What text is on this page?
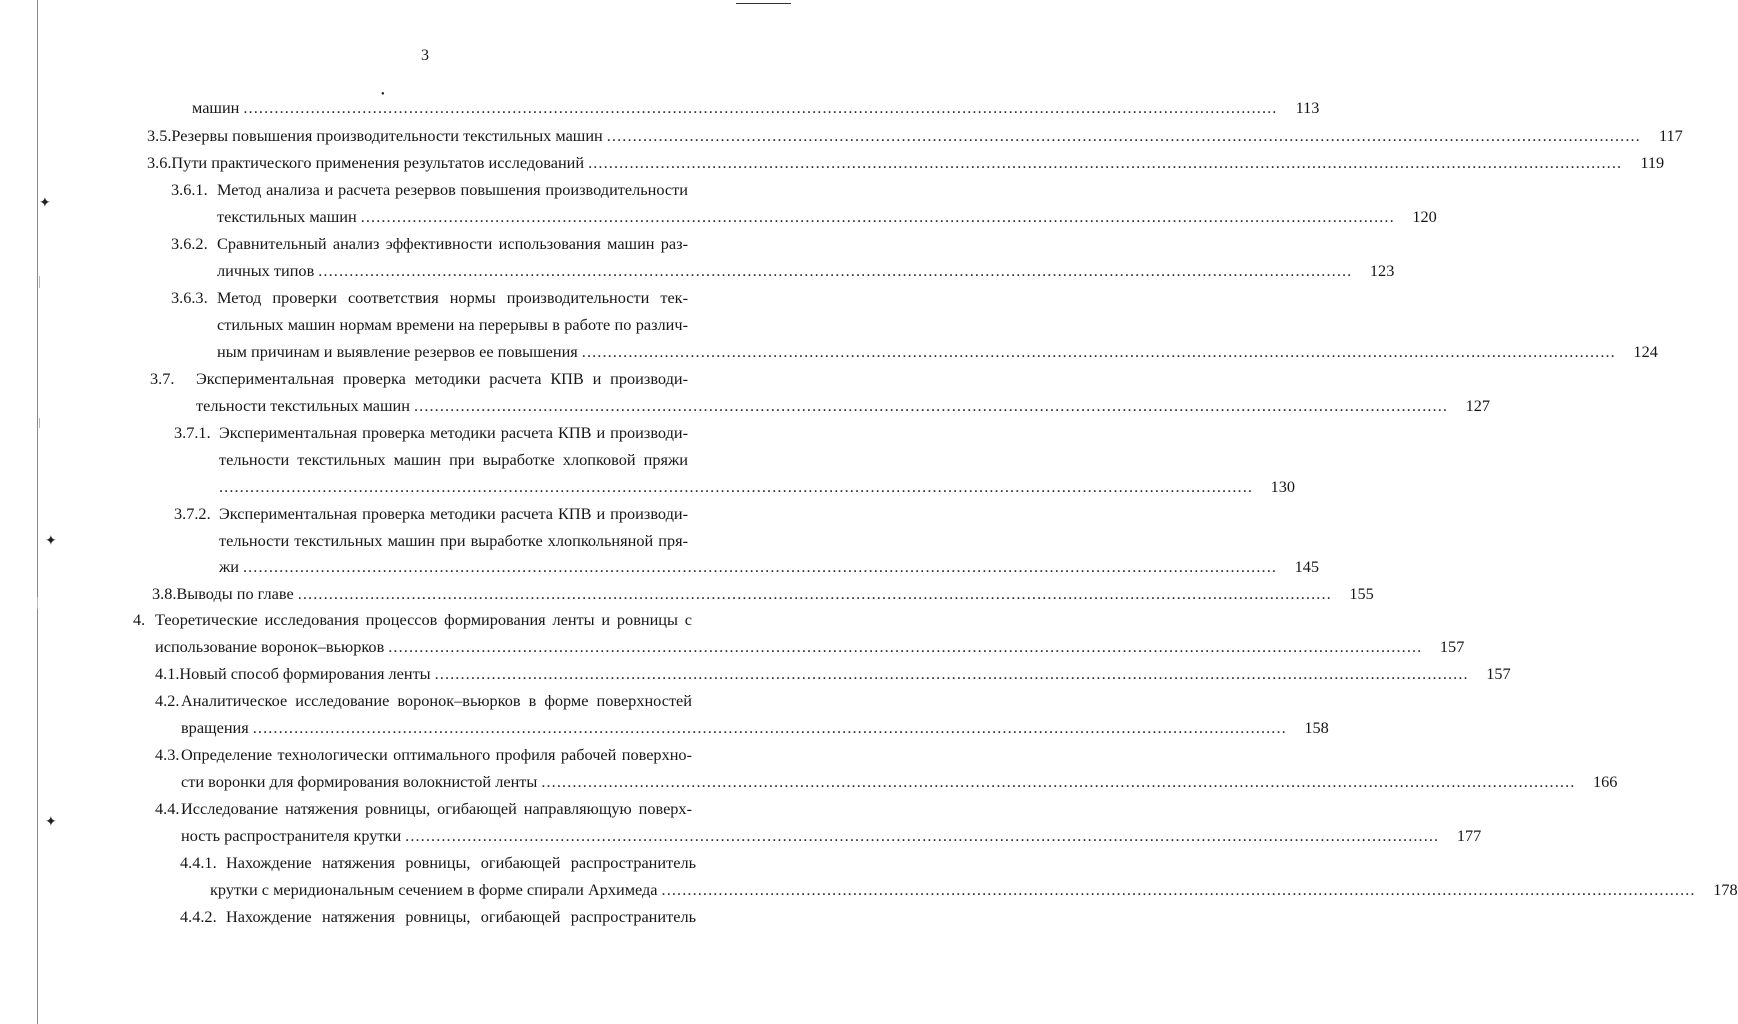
✦
✦
✦
●
3
машин ........................................................................................................................................................................................................	113
3.5. Резервы повышения производительности текстильных машин ........................................................................................................................................................................................................	117
3.6. Пути практического применения результатов исследований ........................................................................................................................................................................................................	119
3.6.1. Метод анализа и расчета резервов повышения производительности
текстильных машин ........................................................................................................................................................................................................	120
3.6.2. Сравнительный анализ эффективности использования машин раз-
личных типов ........................................................................................................................................................................................................	123
3.6.3. Метод проверки соответствия нормы производительности тек-
стильных машин нормам времени на перерывы в работе по различ-
ным причинам и выявление резервов ее повышения ........................................................................................................................................................................................................	124
3.7.	Экспериментальная проверка методики расчета КПВ и производи-
тельности текстильных машин ........................................................................................................................................................................................................	127
3.7.1. Экспериментальная проверка методики расчета КПВ и производи-
тельности текстильных машин при выработке хлопковой пряжи
........................................................................................................................................................................................................	130
3.7.2. Экспериментальная проверка методики расчета КПВ и производи-
тельности текстильных машин при выработке хлопкольняной пря-
жи ........................................................................................................................................................................................................	145
3.8. Выводы по главе ........................................................................................................................................................................................................	155
4. Теоретические исследования процессов формирования ленты и ровницы с
использование воронок–вьюрков ........................................................................................................................................................................................................	157
4.1. Новый способ формирования ленты ........................................................................................................................................................................................................	157
4.2. Аналитическое исследование воронок–вьюрков в форме поверхностей
вращения ........................................................................................................................................................................................................	158
4.3. Определение технологически оптимального профиля рабочей поверхно-
сти воронки для формирования волокнистой ленты ........................................................................................................................................................................................................	166
4.4. Исследование натяжения ровницы, огибающей направляющую поверх-
ность распространителя крутки ........................................................................................................................................................................................................	177
4.4.1. Нахождение натяжения ровницы, огибающей распространитель
крутки с меридиональным сечением в форме спирали Архимеда ........................................................................................................................................................................................................	178
4.4.2. Нахождение натяжения ровницы, огибающей распространитель
